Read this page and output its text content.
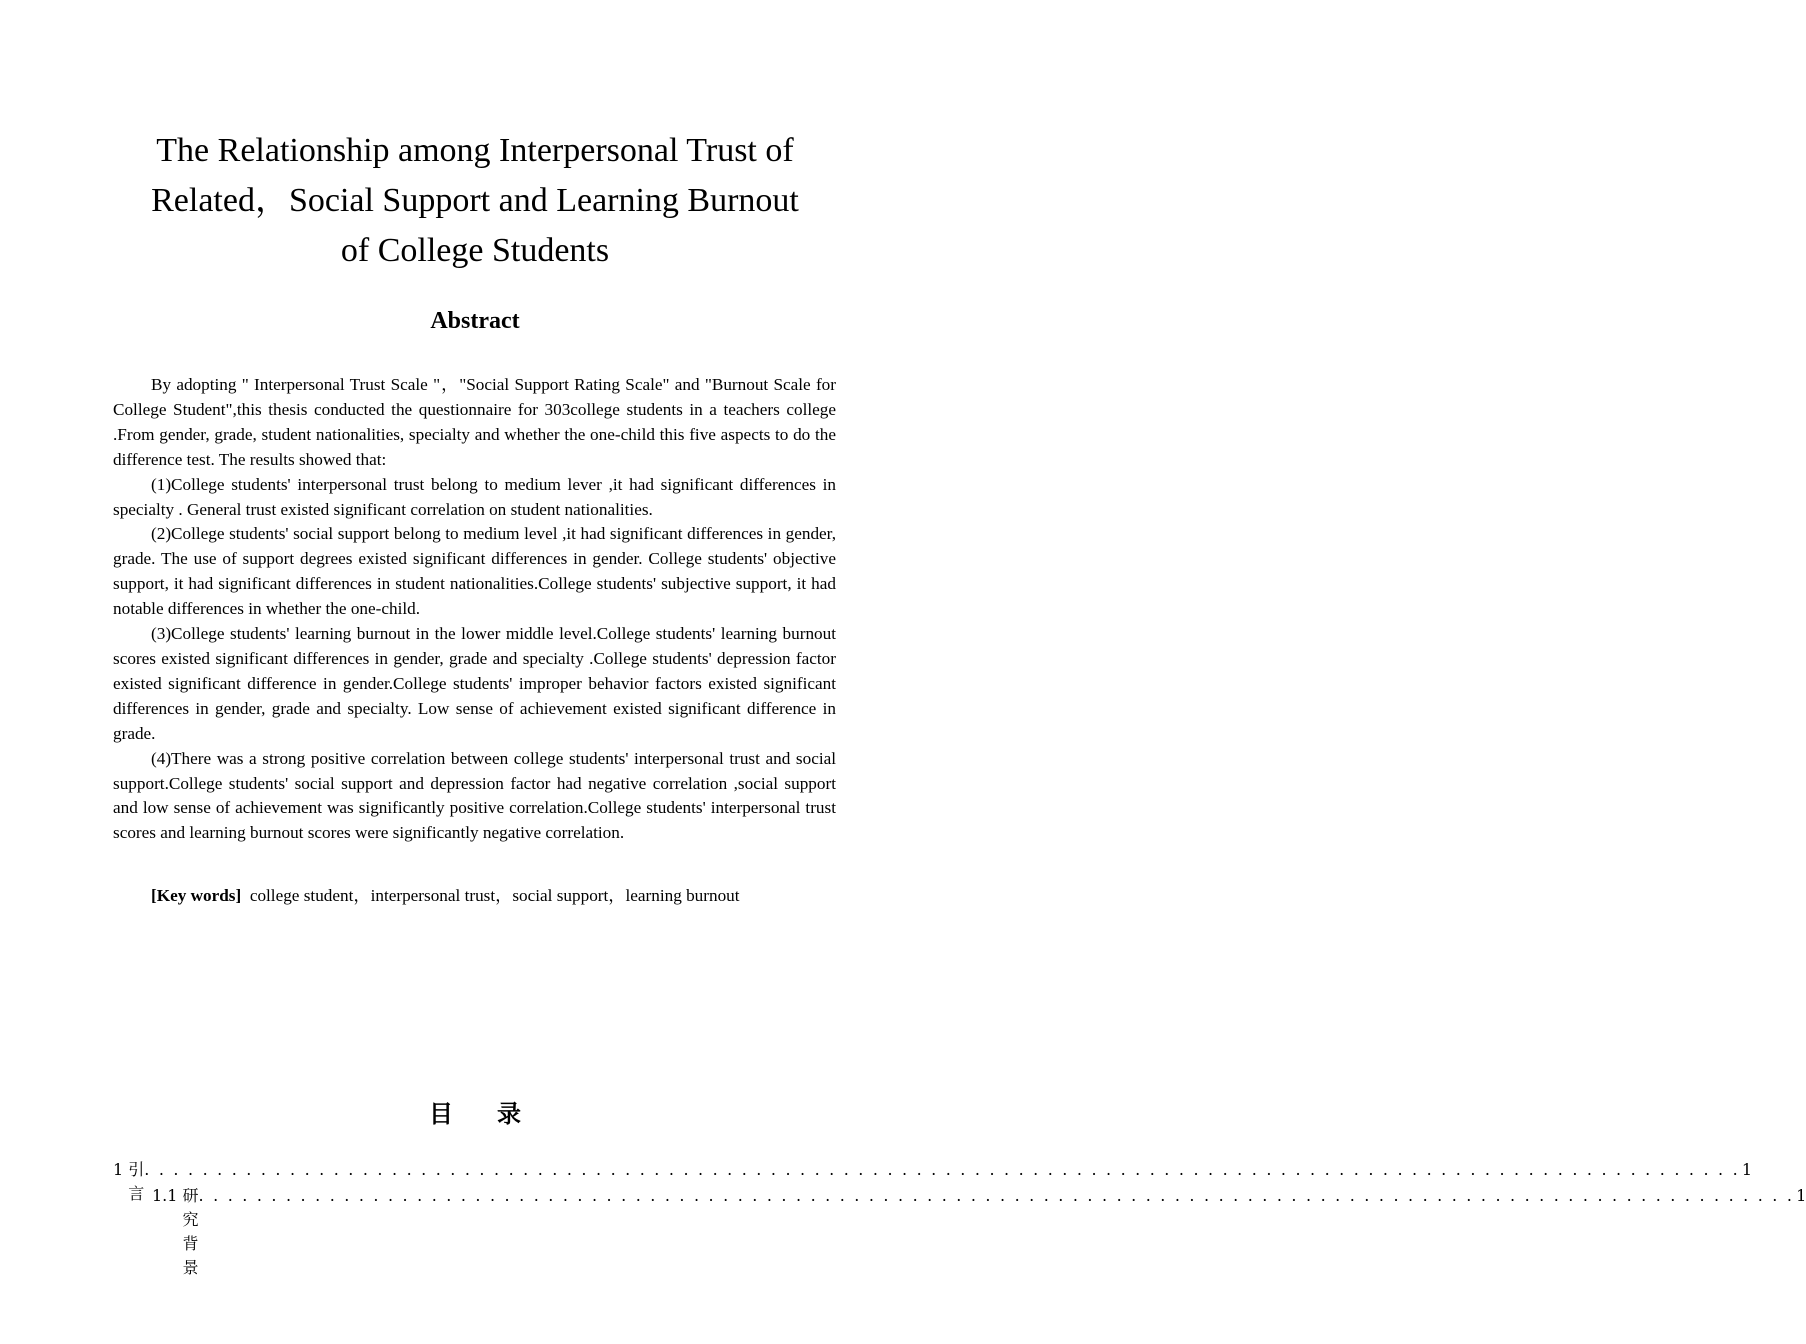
The Relationship among Interpersonal Trust of
Related，Social Support and Learning Burnout
of College Students
Abstract

By adopting " Interpersonal Trust Scale "，"Social Support Rating Scale" and "Burnout Scale for College Student",this thesis conducted the questionnaire for 303college students in a teachers college .From gender, grade, student nationalities, specialty and whether the one-child this five aspects to do the difference test. The results showed that:

(1)College students' interpersonal trust belong to medium lever ,it had significant differences in specialty . General trust existed significant correlation on student nationalities.

(2)College students' social support belong to medium level ,it had significant differences in gender, grade. The use of support degrees existed significant differences in gender. College students' objective support, it had significant differences in student nationalities.College students' subjective support, it had notable differences in whether the one-child.

(3)College students' learning burnout in the lower middle level.College students' learning burnout scores existed significant differences in gender, grade and specialty .College students' depression factor existed significant difference in gender.College students' improper behavior factors existed significant differences in gender, grade and specialty. Low sense of achievement existed significant difference in grade.

(4)There was a strong positive correlation between college students' interpersonal trust and social support.College students' social support and depression factor had negative correlation ,social support and low sense of achievement was significantly positive correlation.College students' interpersonal trust scores and learning burnout scores were significantly negative correlation.

[Key words] college student，interpersonal trust，social support，learning burnout

目 录
1 引言
. . . . . . . . . . . . . . . . . . . . . . . . . . . . . . . . . . . . . . . . . . . . . . . . . . . . . . . . . . . . . . . . . . . . . . . . . . . . . . . . . . . . . . . . . . . . . . . . . . . . . . . . . . . . . . 1
1.1 研究背景
. . . . . . . . . . . . . . . . . . . . . . . . . . . . . . . . . . . . . . . . . . . . . . . . . . . . . . . . . . . . . . . . . . . . . . . . . . . . . . . . . . . . . . . . . . . . . . . . . . . . . . . . . . . . . . 1
